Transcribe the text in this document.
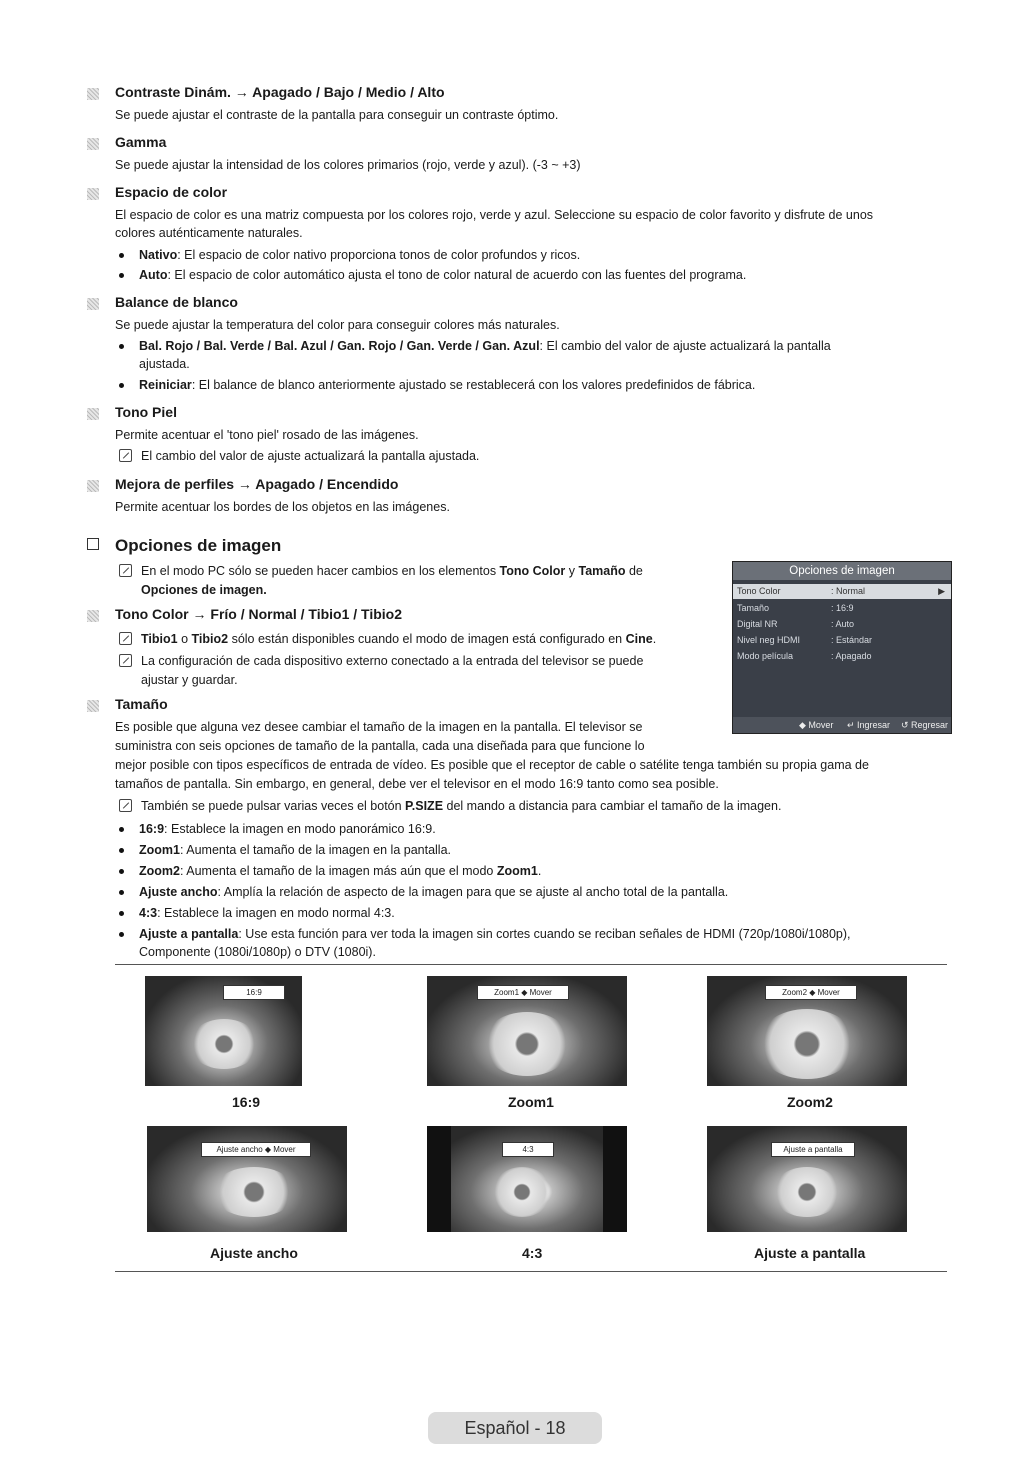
Contraste Dinám. → Apagado / Bajo / Medio / Alto
Se puede ajustar el contraste de la pantalla para conseguir un contraste óptimo.
Gamma
Se puede ajustar la intensidad de los colores primarios (rojo, verde y azul). (-3 ~ +3)
Espacio de color
El espacio de color es una matriz compuesta por los colores rojo, verde y azul. Seleccione su espacio de color favorito y disfrute de unos
colores auténticamente naturales.
Nativo: El espacio de color nativo proporciona tonos de color profundos y ricos.
Auto: El espacio de color automático ajusta el tono de color natural de acuerdo con las fuentes del programa.
Balance de blanco
Se puede ajustar la temperatura del color para conseguir colores más naturales.
Bal. Rojo / Bal. Verde / Bal. Azul / Gan. Rojo / Gan. Verde / Gan. Azul: El cambio del valor de ajuste actualizará la pantalla
ajustada.
Reiniciar: El balance de blanco anteriormente ajustado se restablecerá con los valores predefinidos de fábrica.
Tono Piel
Permite acentuar el 'tono piel' rosado de las imágenes.
El cambio del valor de ajuste actualizará la pantalla ajustada.
Mejora de perfiles → Apagado / Encendido
Permite acentuar los bordes de los objetos en las imágenes.
Opciones de imagen
En el modo PC sólo se pueden hacer cambios en los elementos Tono Color y Tamaño de
Opciones de imagen.
Tono Color → Frío / Normal / Tibio1 / Tibio2
Tibio1 o Tibio2 sólo están disponibles cuando el modo de imagen está configurado en Cine.
La configuración de cada dispositivo externo conectado a la entrada del televisor se puede
ajustar y guardar.
Tamaño
Es posible que alguna vez desee cambiar el tamaño de la imagen en la pantalla. El televisor se
suministra con seis opciones de tamaño de la pantalla, cada una diseñada para que funcione lo
mejor posible con tipos específicos de entrada de vídeo. Es posible que el receptor de cable o satélite tenga también su propia gama de
tamaños de pantalla. Sin embargo, en general, debe ver el televisor en el modo 16:9 tanto como sea posible.
También se puede pulsar varias veces el botón P.SIZE del mando a distancia para cambiar el tamaño de la imagen.
16:9: Establece la imagen en modo panorámico 16:9.
Zoom1: Aumenta el tamaño de la imagen en la pantalla.
Zoom2: Aumenta el tamaño de la imagen más aún que el modo Zoom1.
Ajuste ancho: Amplía la relación de aspecto de la imagen para que se ajuste al ancho total de la pantalla.
4:3: Establece la imagen en modo normal 4:3.
Ajuste a pantalla: Use esta función para ver toda la imagen sin cortes cuando se reciban señales de HDMI (720p/1080i/1080p),
Componente (1080i/1080p) o DTV (1080i).
Opciones de imagen
Tono Color	: Normal	▶
Tamaño	: 16:9
Digital NR	: Auto
Nivel neg HDMI	: Estándar
Modo película	: Apagado
◆ Mover ↵ Ingresar ↺ Regresar
16:9
16:9
Zoom1 ◆ Mover
Zoom1
Zoom2 ◆ Mover
Zoom2
Ajuste ancho ◆ Mover
Ajuste ancho
4:3
4:3
Ajuste a pantalla
Ajuste a pantalla
Español - 18
